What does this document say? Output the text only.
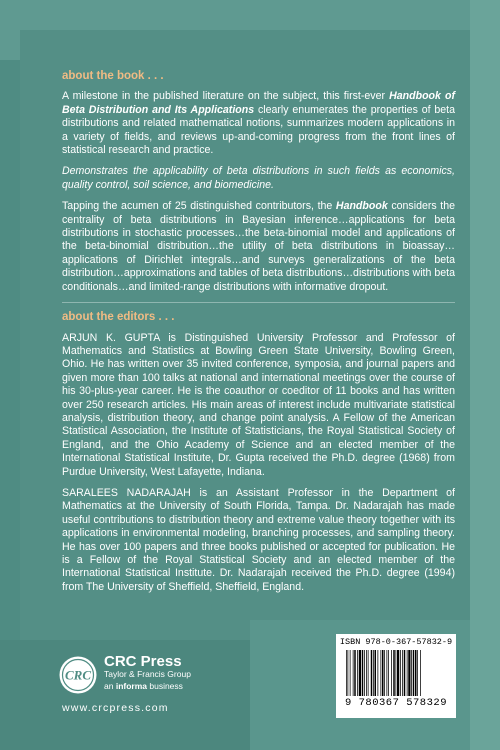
about the book . . .

A milestone in the published literature on the subject, this first-ever Handbook of Beta Distribution and Its Applications clearly enumerates the properties of beta distributions and related mathematical notions, summarizes modern applications in a variety of fields, and reviews up-and-coming progress from the front lines of statistical research and practice.

Demonstrates the applicability of beta distributions in such fields as economics, quality control, soil science, and biomedicine.

Tapping the acumen of 25 distinguished contributors, the Handbook considers the centrality of beta distributions in Bayesian inference…applications for beta distributions in stochastic processes…the beta-binomial model and applications of the beta-binomial distribution…the utility of beta distributions in bioassay…applications of Dirichlet integrals…and surveys generalizations of the beta distribution…approximations and tables of beta distributions…distributions with beta conditionals…and limited-range distributions with informative dropout.

about the editors . . .

ARJUN K. GUPTA is Distinguished University Professor and Professor of Mathematics and Statistics at Bowling Green State University, Bowling Green, Ohio. He has written over 35 invited conference, symposia, and journal papers and given more than 100 talks at national and international meetings over the course of his 30-plus-year career. He is the coauthor or coeditor of 11 books and has written over 250 research articles. His main areas of interest include multivariate statistical analysis, distribution theory, and change point analysis. A Fellow of the American Statistical Association, the Institute of Statisticians, the Royal Statistical Society of England, and the Ohio Academy of Science and an elected member of the International Statistical Institute, Dr. Gupta received the Ph.D. degree (1968) from Purdue University, West Lafayette, Indiana.

SARALEES NADARAJAH is an Assistant Professor in the Department of Mathematics at the University of South Florida, Tampa. Dr. Nadarajah has made useful contributions to distribution theory and extreme value theory together with its applications in environmental modeling, branching processes, and sampling theory. He has over 100 papers and three books published or accepted for publication. He is a Fellow of the Royal Statistical Society and an elected member of the International Statistical Institute. Dr. Nadarajah received the Ph.D. degree (1994) from The University of Sheffield, Sheffield, England.

CRC
CRC Press
Taylor & Francis Group
an informa business
www.crcpress.com
ISBN 978-0-367-57832-9
9 780367 578329
